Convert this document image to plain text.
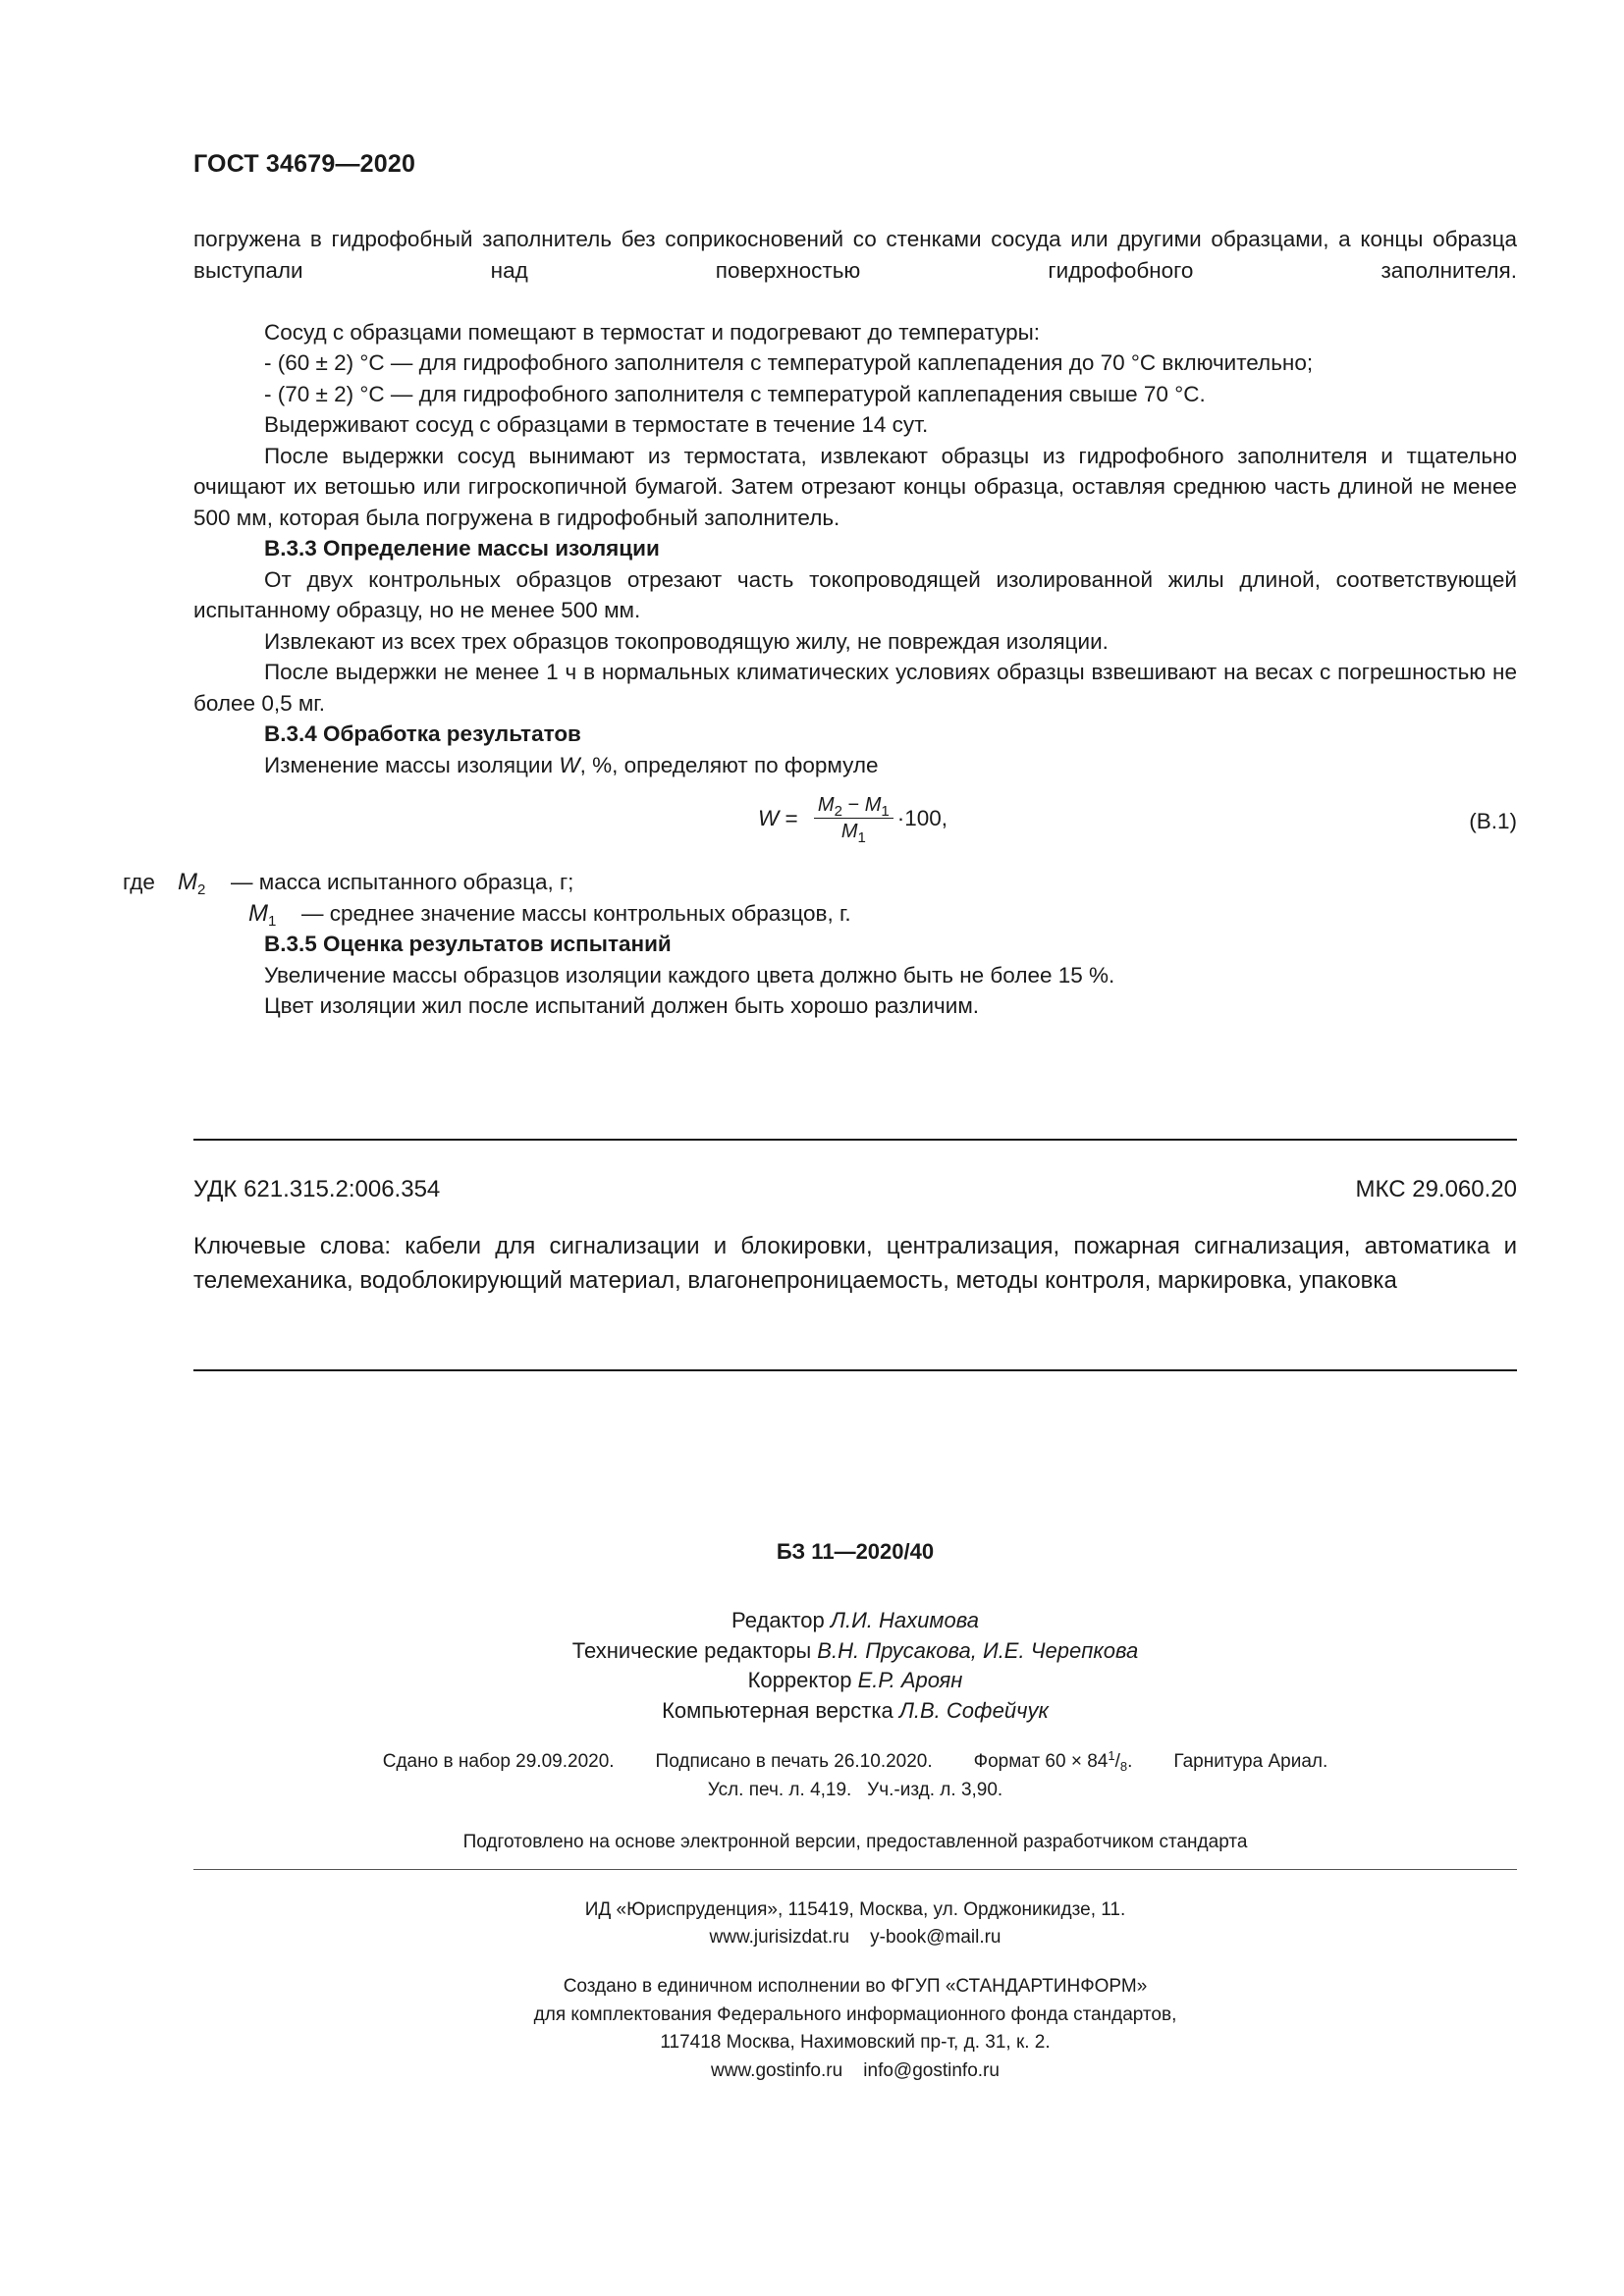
ГОСТ 34679—2020

погружена в гидрофобный заполнитель без соприкосновений со стенками сосуда или другими образцами, а концы образца выступали над поверхностью гидрофобного заполнителя.

Сосуд с образцами помещают в термостат и подогревают до температуры:

- (60 ± 2) °С — для гидрофобного заполнителя с температурой каплепадения до 70 °С включительно;

- (70 ± 2) °С — для гидрофобного заполнителя с температурой каплепадения свыше 70 °С.

Выдерживают сосуд с образцами в термостате в течение 14 сут.

После выдержки сосуд вынимают из термостата, извлекают образцы из гидрофобного заполнителя и тщательно очищают их ветошью или гигроскопичной бумагой. Затем отрезают концы образца, оставляя среднюю часть длиной не менее 500 мм, которая была погружена в гидрофобный заполнитель.

В.3.3 Определение массы изоляции

От двух контрольных образцов отрезают часть токопроводящей изолированной жилы длиной, соответствующей испытанному образцу, но не менее 500 мм.

Извлекают из всех трех образцов токопроводящую жилу, не повреждая изоляции.

После выдержки не менее 1 ч в нормальных климатических условиях образцы взвешивают на весах с погрешностью не более 0,5 мг.

В.3.4 Обработка результатов

Изменение массы изоляции W, %, определяют по формуле

$W = \frac{M_2 - M_1}{M_1} \cdot 100$,	(В.1)
где $M_2$	— масса испытанного образца, г;
$M_1$	— среднее значение массы контрольных образцов, г.
В.3.5 Оценка результатов испытаний

Увеличение массы образцов изоляции каждого цвета должно быть не более 15 %.

Цвет изоляции жил после испытаний должен быть хорошо различим.

УДК 621.315.2:006.354	МКС 29.060.20

Ключевые слова: кабели для сигнализации и блокировки, централизация, пожарная сигнализация, автоматика и телемеханика, водоблокирующий материал, влагонепроницаемость, методы контроля, маркировка, упаковка

БЗ 11—2020/40
Редактор Л.И. Нахимова
Технические редакторы В.Н. Прусакова, И.Е. Черепкова
Корректор Е.Р. Ароян
Компьютерная верстка Л.В. Софейчук
Сдано в набор 29.09.2020. Подписано в печать 26.10.2020. Формат $60 \times 84^1/_8$. Гарнитура Ариал.
Усл. печ. л. 4,19. Уч.-изд. л. 3,90.
Подготовлено на основе электронной версии, предоставленной разработчиком стандарта
ИД «Юриспруденция», 115419, Москва, ул. Орджоникидзе, 11.
www.jurisizdat.ru y-book@mail.ru
Создано в единичном исполнении во ФГУП «СТАНДАРТИНФОРМ»
для комплектования Федерального информационного фонда стандартов,
117418 Москва, Нахимовский пр-т, д. 31, к. 2.
www.gostinfo.ru info@gostinfo.ru
